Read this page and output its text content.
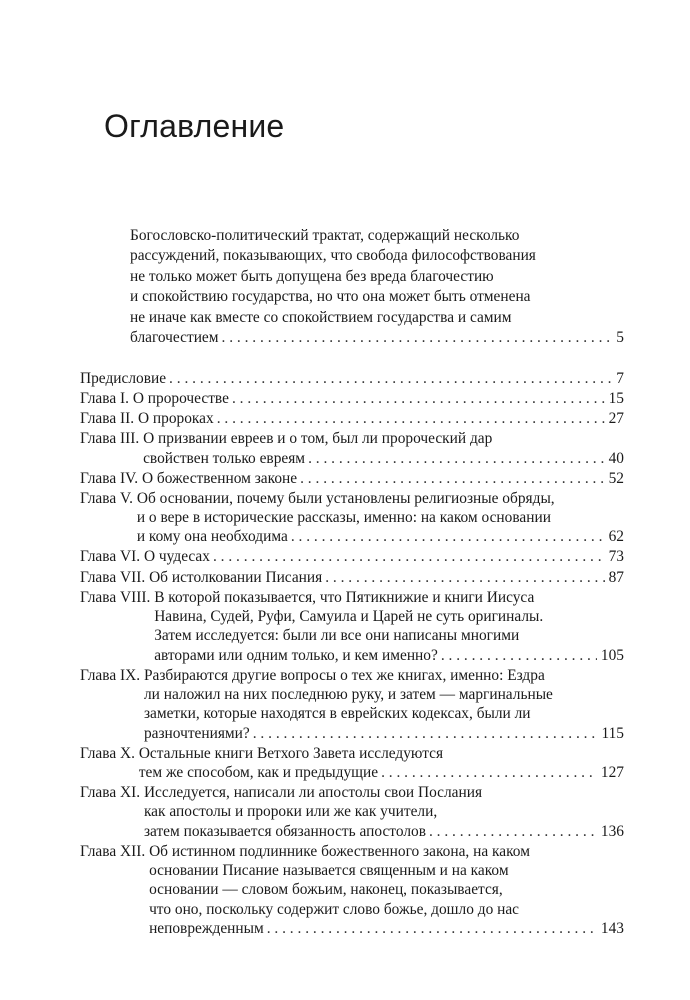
Оглавление
Богословско-политический трактат, содержащий несколько
рассуждений, показывающих, что свобода философствования
не только может быть допущена без вреда благочестию
и спокойствию государства, но что она может быть отменена
не иначе как вместе со спокойствием государства и самим
благочестием . . .	5
Предисловие . . .	7
Глава I. О пророчестве . . .	15
Глава II. О пророках . . .	27
Глава III. О призвании евреев и о том, был ли пророческий дар
свойствен только евреям . . .	40
Глава IV. О божественном законе . . .	52
Глава V. Об основании, почему были установлены религиозные обряды,
и о вере в исторические рассказы, именно: на каком основании
и кому она необходима . . .	62
Глава VI. О чудесах . . .	73
Глава VII. Об истолковании Писания . . .	87
Глава VIII. В которой показывается, что Пятикнижие и книги Иисуса
Навина, Судей, Руфи, Самуила и Царей не суть оригиналы.
Затем исследуется: были ли все они написаны многими
авторами или одним только, и кем именно? . . .	105
Глава IX. Разбираются другие вопросы о тех же книгах, именно: Ездра
ли наложил на них последнюю руку, и затем — маргинальные
заметки, которые находятся в еврейских кодексах, были ли
разночтениями? . . .	115
Глава X. Остальные книги Ветхого Завета исследуются
тем же способом, как и предыдущие . . .	127
Глава XI. Исследуется, написали ли апостолы свои Послания
как апостолы и пророки или же как учители,
затем показывается обязанность апостолов . . .	136
Глава XII. Об истинном подлиннике божественного закона, на каком
основании Писание называется священным и на каком
основании — словом божьим, наконец, показывается,
что оно, поскольку содержит слово божье, дошло до нас
неповрежденным . . .	143
